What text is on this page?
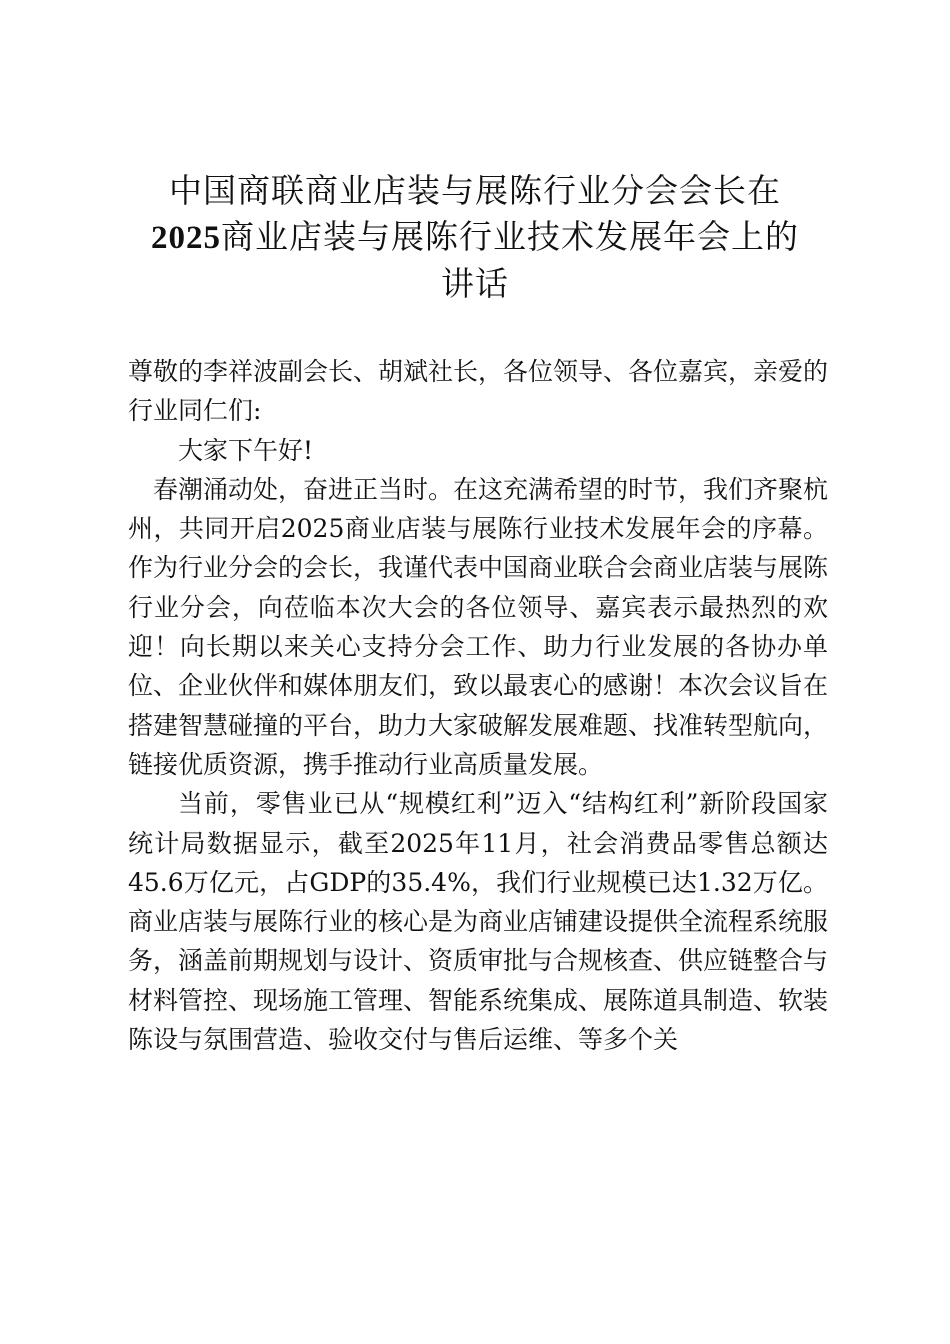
中国商联商业店装与展陈行业分会会长在
2025商业店装与展陈行业技术发展年会上的
讲话

尊敬的李祥波副会长、胡斌社长，各位领导、各位嘉宾，亲爱的行业同仁们:

大家下午好!

春潮涌动处，奋进正当时。在这充满希望的时节，我们齐聚杭州，共同开启2025商业店装与展陈行业技术发展年会的序幕。作为行业分会的会长，我谨代表中国商业联合会商业店装与展陈行业分会，向莅临本次大会的各位领导、嘉宾表示最热烈的欢迎！向长期以来关心支持分会工作、助力行业发展的各协办单位、企业伙伴和媒体朋友们，致以最衷心的感谢！本次会议旨在搭建智慧碰撞的平台，助力大家破解发展难题、找准转型航向，链接优质资源，携手推动行业高质量发展。

当前，零售业已从“规模红利”迈入“结构红利”新阶段国家统计局数据显示，截至2025年11月，社会消费品零售总额达45.6万亿元，占GDP的35.4%，我们行业规模已达1.32万亿。商业店装与展陈行业的核心是为商业店铺建设提供全流程系统服务，涵盖前期规划与设计、资质审批与合规核查、供应链整合与材料管控、现场施工管理、智能系统集成、展陈道具制造、软装陈设与氛围营造、验收交付与售后运维、等多个关
